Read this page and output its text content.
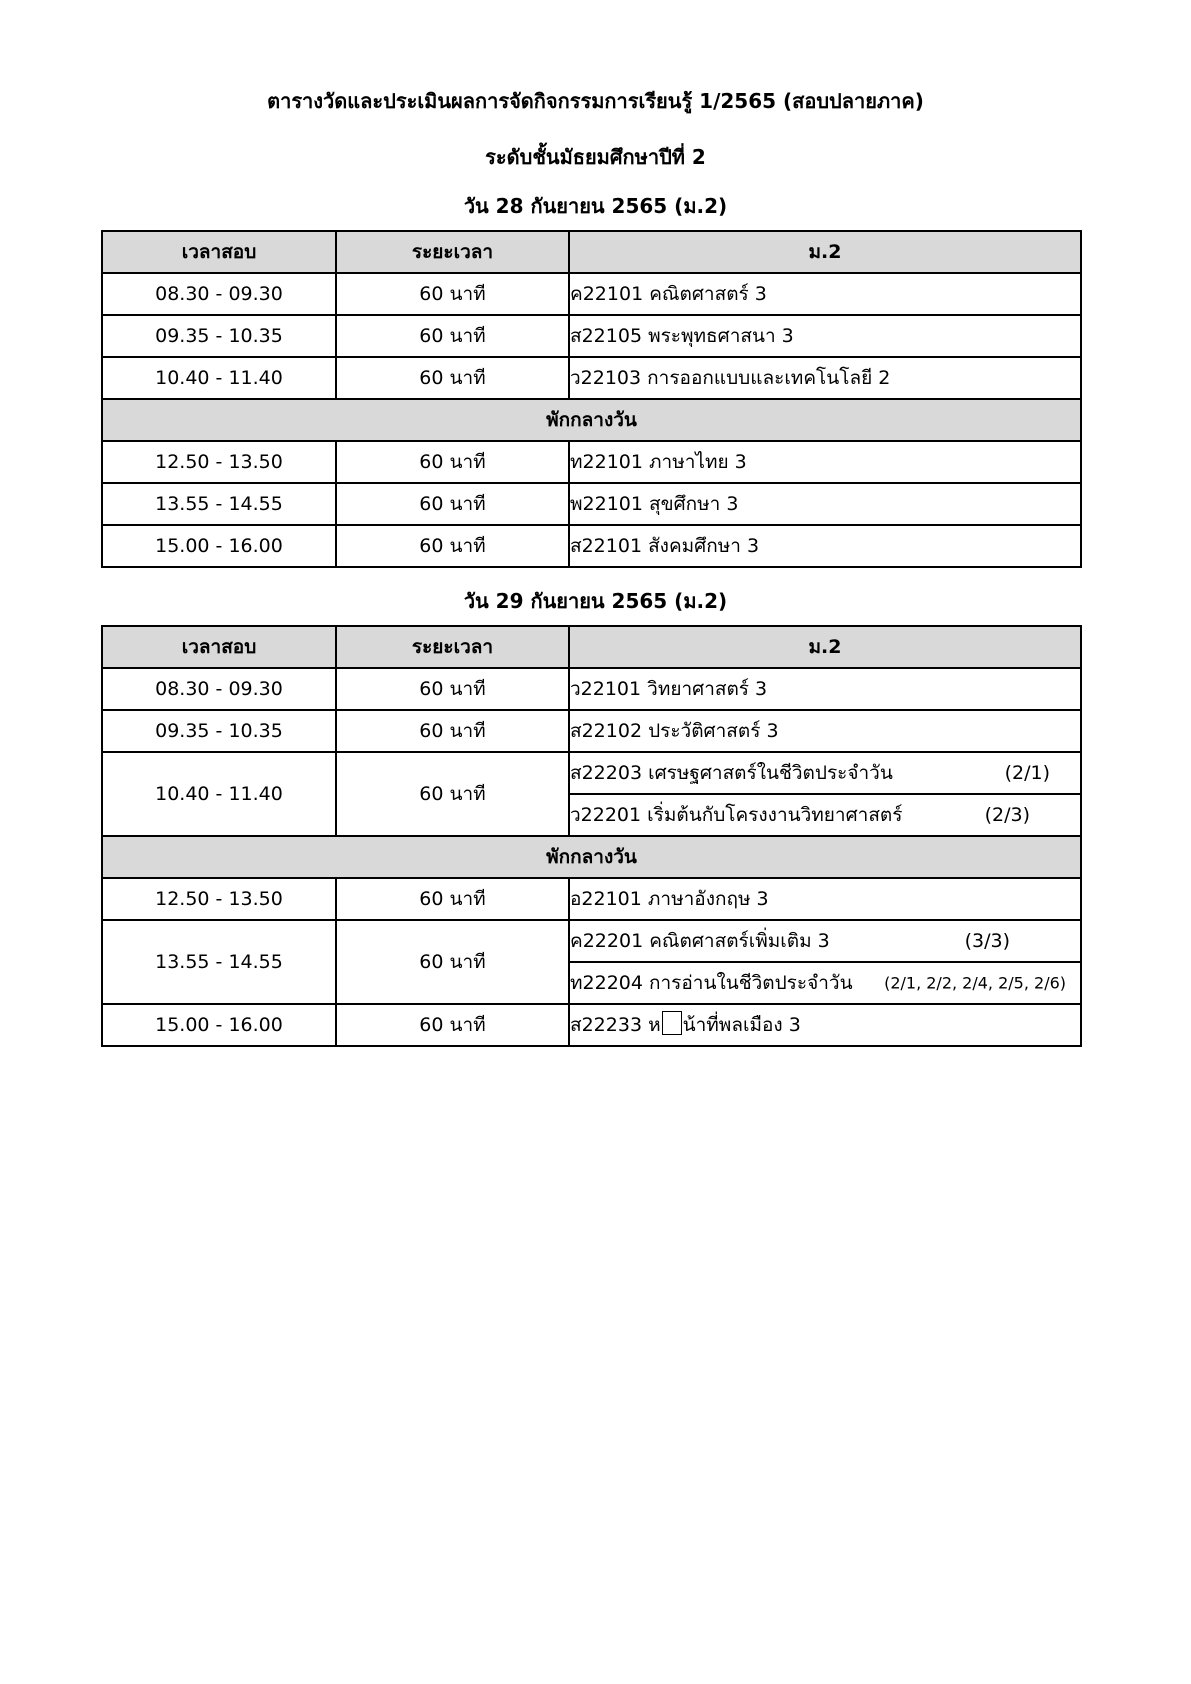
ตารางวัดและประเมินผลการจัดกิจกรรมการเรียนรู้ 1/2565 (สอบปลายภาค)
ระดับชั้นมัธยมศึกษาปีที่ 2
วัน 28 กันยายน 2565 (ม.2)
เวลาสอบ	ระยะเวลา	ม.2
08.30 - 09.30	60 นาที	ค22101 คณิตศาสตร์ 3
09.35 - 10.35	60 นาที	ส22105 พระพุทธศาสนา 3
10.40 - 11.40	60 นาที	ว22103 การออกแบบและเทคโนโลยี 2
พักกลางวัน		
12.50 - 13.50	60 นาที	ท22101 ภาษาไทย 3
13.55 - 14.55	60 นาที	พ22101 สุขศึกษา 3
15.00 - 16.00	60 นาที	ส22101 สังคมศึกษา 3
วัน 29 กันยายน 2565 (ม.2)
เวลาสอบ	ระยะเวลา	ม.2
08.30 - 09.30	60 นาที	ว22101 วิทยาศาสตร์ 3
09.35 - 10.35	60 นาที	ส22102 ประวัติศาสตร์ 3
10.40 - 11.40	60 นาที	ส22203 เศรษฐศาสตร์ในชีวิตประจำวัน (2/1)

		ว22201 เริ่มต้นกับโครงงานวิทยาศาสตร์ (2/3)

พักกลางวัน		
12.50 - 13.50	60 นาที	อ22101 ภาษาอังกฤษ 3
13.55 - 14.55	60 นาที	ค22201 คณิตศาสตร์เพิ่มเติม 3 (3/3)

		ท22204 การอ่านในชีวิตประจำวัน (2/1, 2/2, 2/4, 2/5, 2/6)

15.00 - 16.00	60 นาที	ส22233 ห น้าที่พลเมือง 3
